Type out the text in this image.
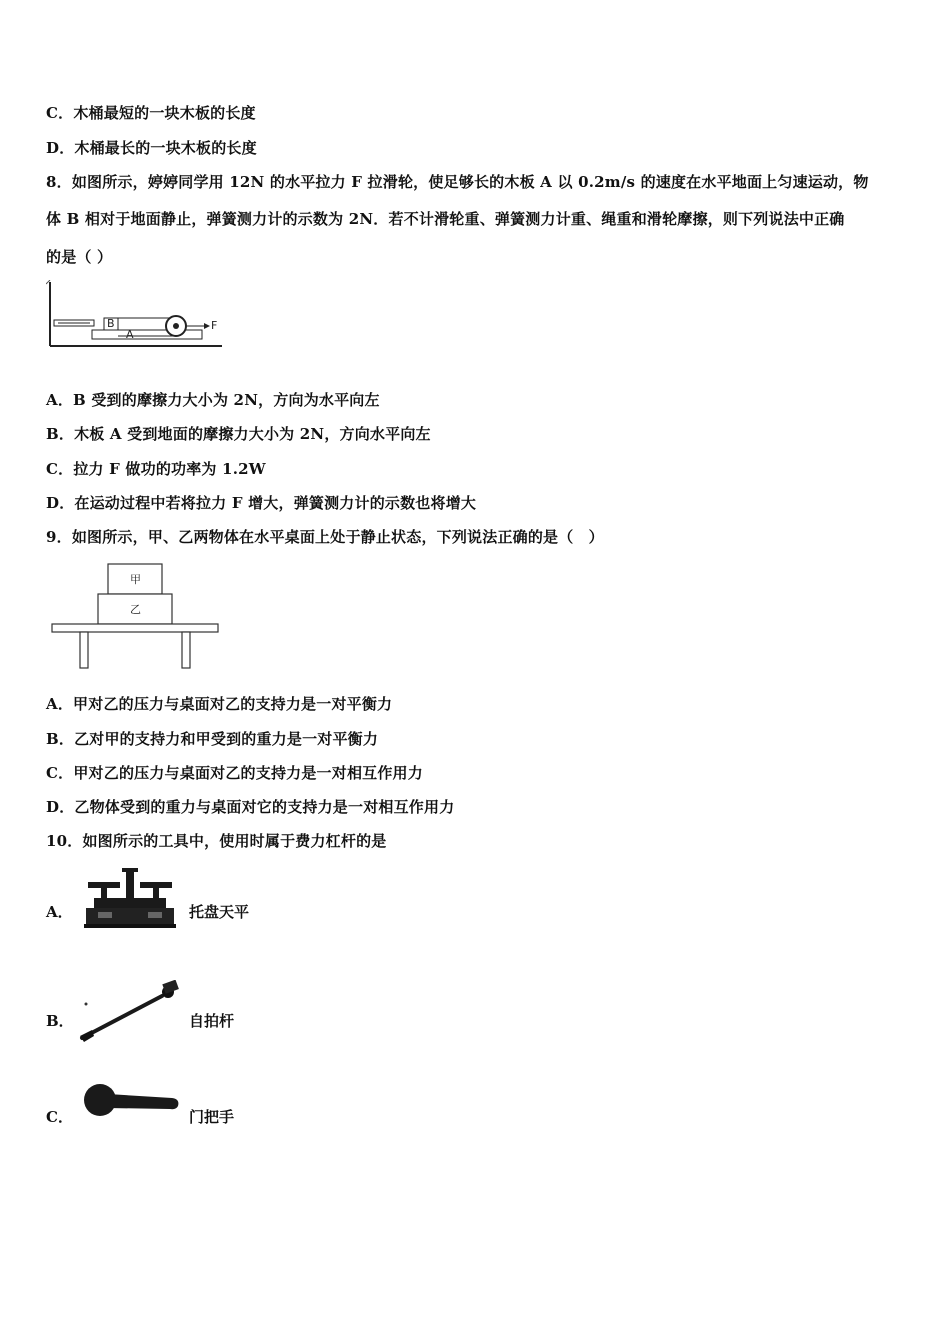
C．木桶最短的一块木板的长度
D．木桶最长的一块木板的长度
8．如图所示，婷婷同学用 12N 的水平拉力 F 拉滑轮，使足够长的木板 A 以 0.2m/s 的速度在水平地面上匀速运动，物
体 B 相对于地面静止，弹簧测力计的示数为 2N．若不计滑轮重、弹簧测力计重、绳重和滑轮摩擦，则下列说法中正确
的是（ ）
A
B	F
A．B 受到的摩擦力大小为 2N，方向为水平向左
B．木板 A 受到地面的摩擦力大小为 2N，方向水平向左
C．拉力 F 做功的功率为 1.2W
D．在运动过程中若将拉力 F 增大，弹簧测力计的示数也将增大
9．如图所示，甲、乙两物体在水平桌面上处于静止状态，下列说法正确的是（　）
甲
乙
A．甲对乙的压力与桌面对乙的支持力是一对平衡力
B．乙对甲的支持力和甲受到的重力是一对平衡力
C．甲对乙的压力与桌面对乙的支持力是一对相互作用力
D．乙物体受到的重力与桌面对它的支持力是一对相互作用力
10．如图所示的工具中，使用时属于费力杠杆的是
A．	托盘天平
B．	自拍杆
C．	门把手
